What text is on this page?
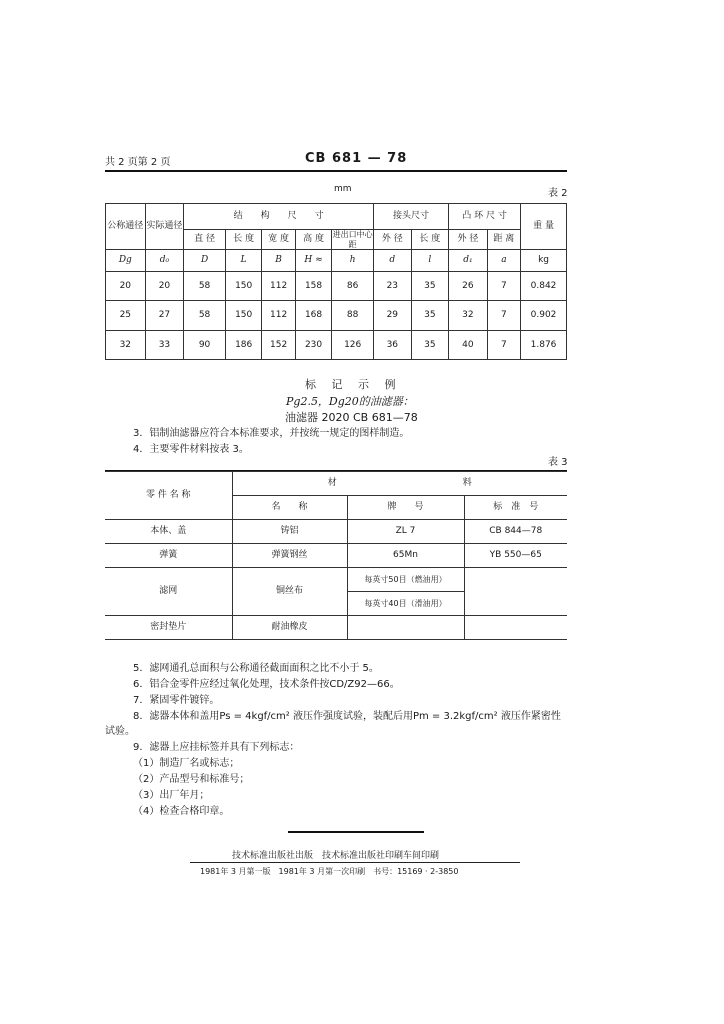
共 2 页第 2 页	CB 681 — 78
mm	表 2
公称通径	实际通径	结　　构　　尺　　寸					接头尺寸		凸 环 尺 寸		重 量
		直 径	长 度	宽 度	高 度	进出口中心距	外 径	长 度	外 径	距 离	
Dg	d₀	D	L	B	H ≈	h	d	l	d₁	a	kg
20	20	58	150	112	158	86	23	35	26	7	0.842
25	27	58	150	112	168	88	29	35	32	7	0.902
32	33	90	186	152	230	126	36	35	40	7	1.876
标 记 示 例
Pg2.5，Dg20的油滤器：
油滤器 2020 CB 681—78
3．铝制油滤器应符合本标准要求，并按统一规定的图样制造。
4．主要零件材料按表 3。
表 3
零 件 名 称	材　　　　　　　　　　　　　　料		
	名　　称	牌　　号	标　准　号
本体、盖	铸铝	ZL 7	CB 844—78
弹簧	弹簧钢丝	65Mn	YB 550—65
滤网	铜丝布	每英寸50目（燃油用）	
		每英寸40目（滑油用）	
密封垫片	耐油橡皮		
5．滤网通孔总面积与公称通径截面面积之比不小于 5。
6．铝合金零件应经过氧化处理，技术条件按CD/Z92—66。
7．紧固零件镀锌。
8．滤器本体和盖用Ps = 4kgf/cm² 液压作强度试验，装配后用Pm = 3.2kgf/cm² 液压作紧密性
试验。
9．滤器上应挂标签并具有下列标志：
（1）制造厂名或标志；
（2）产品型号和标准号；
（3）出厂年月；
（4）检查合格印章。
技术标准出版社出版　技术标准出版社印刷车间印刷
1981年 3 月第一版　1981年 3 月第一次印刷　书号：15169 · 2-3850
